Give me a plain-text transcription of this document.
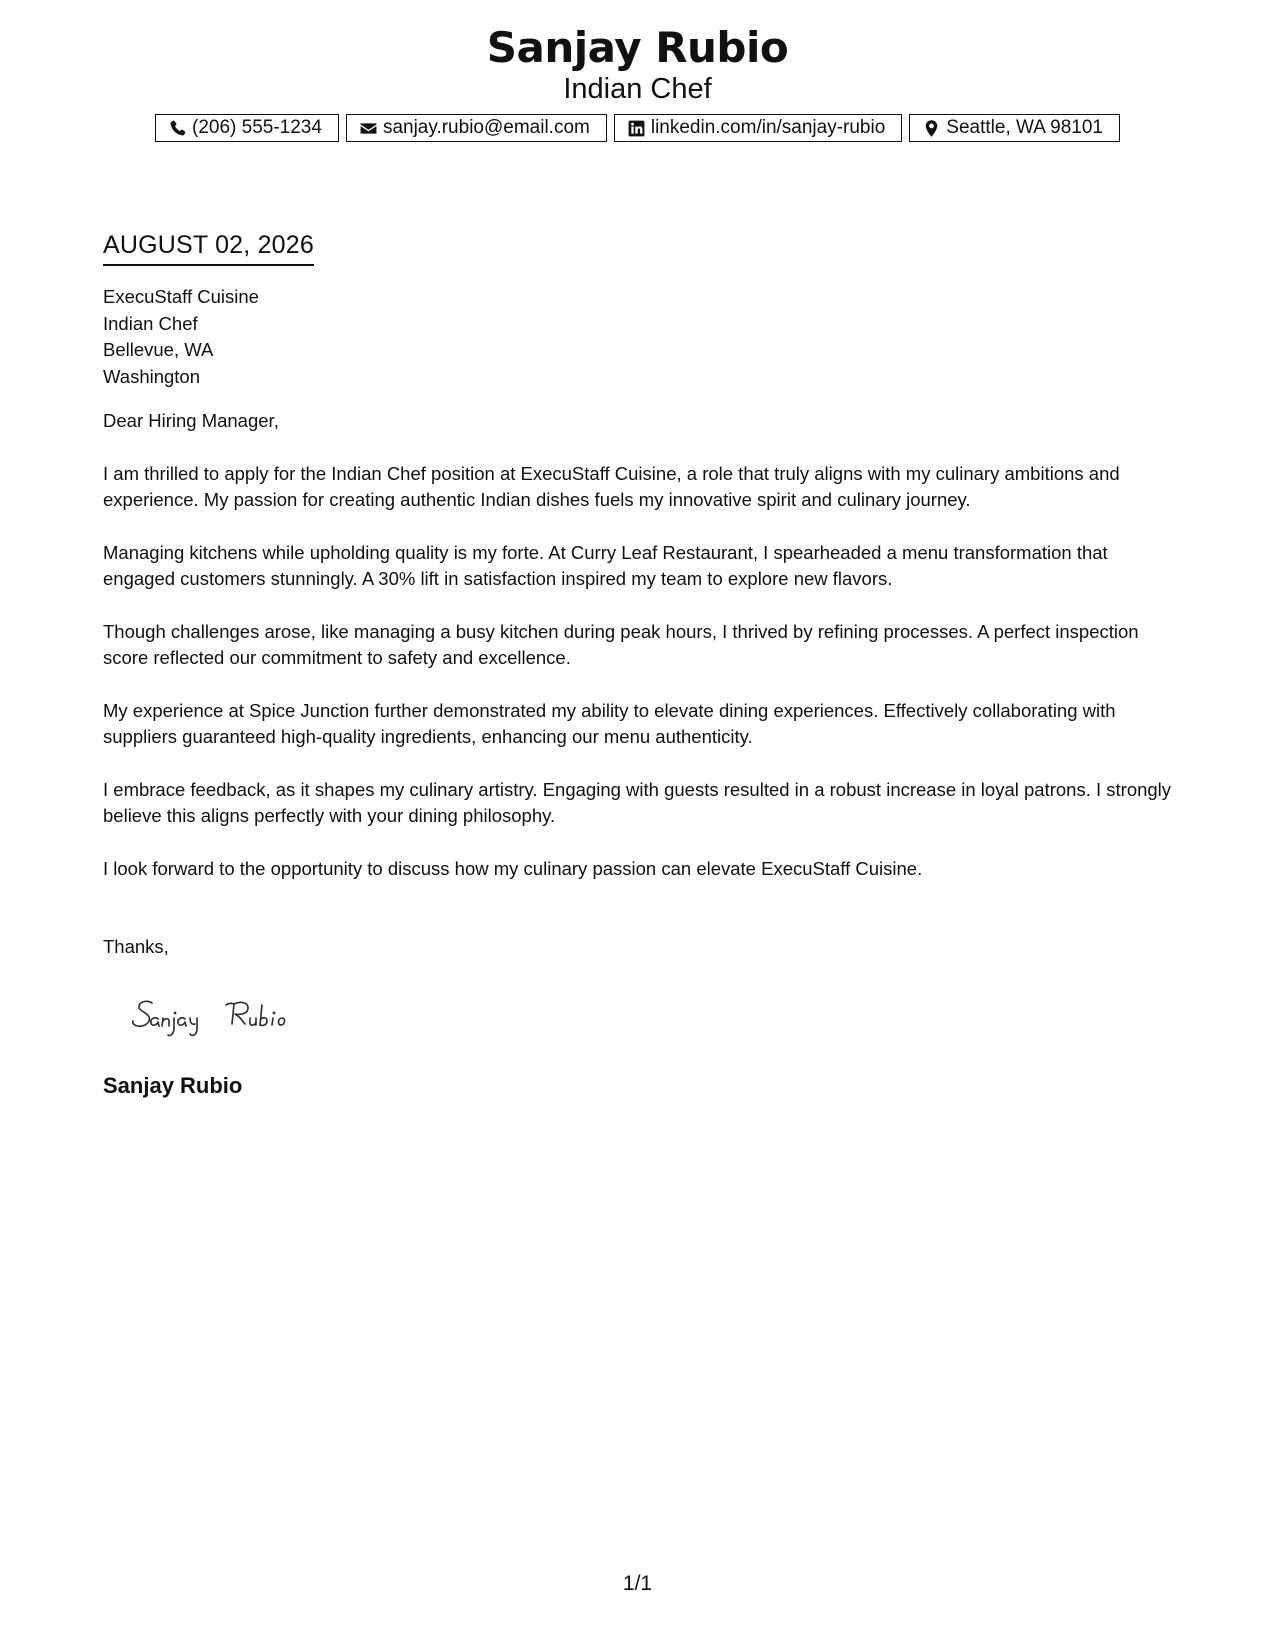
Sanjay Rubio
Indian Chef
(206) 555-1234	sanjay.rubio@email.com	linkedin.com/in/sanjay-rubio	Seattle, WA 98101
AUGUST 02, 2026
ExecuStaff Cuisine
Indian Chef
Bellevue, WA
Washington

Dear Hiring Manager,

I am thrilled to apply for the Indian Chef position at ExecuStaff Cuisine, a role that truly aligns with my culinary ambitions and experience. My passion for creating authentic Indian dishes fuels my innovative spirit and culinary journey.

Managing kitchens while upholding quality is my forte. At Curry Leaf Restaurant, I spearheaded a menu transformation that engaged customers stunningly. A 30% lift in satisfaction inspired my team to explore new flavors.

Though challenges arose, like managing a busy kitchen during peak hours, I thrived by refining processes. A perfect inspection score reflected our commitment to safety and excellence.

My experience at Spice Junction further demonstrated my ability to elevate dining experiences. Effectively collaborating with suppliers guaranteed high-quality ingredients, enhancing our menu authenticity.

I embrace feedback, as it shapes my culinary artistry. Engaging with guests resulted in a robust increase in loyal patrons. I strongly believe this aligns perfectly with your dining philosophy.

I look forward to the opportunity to discuss how my culinary passion can elevate ExecuStaff Cuisine.

Thanks,

Sanjay Rubio
1/1
